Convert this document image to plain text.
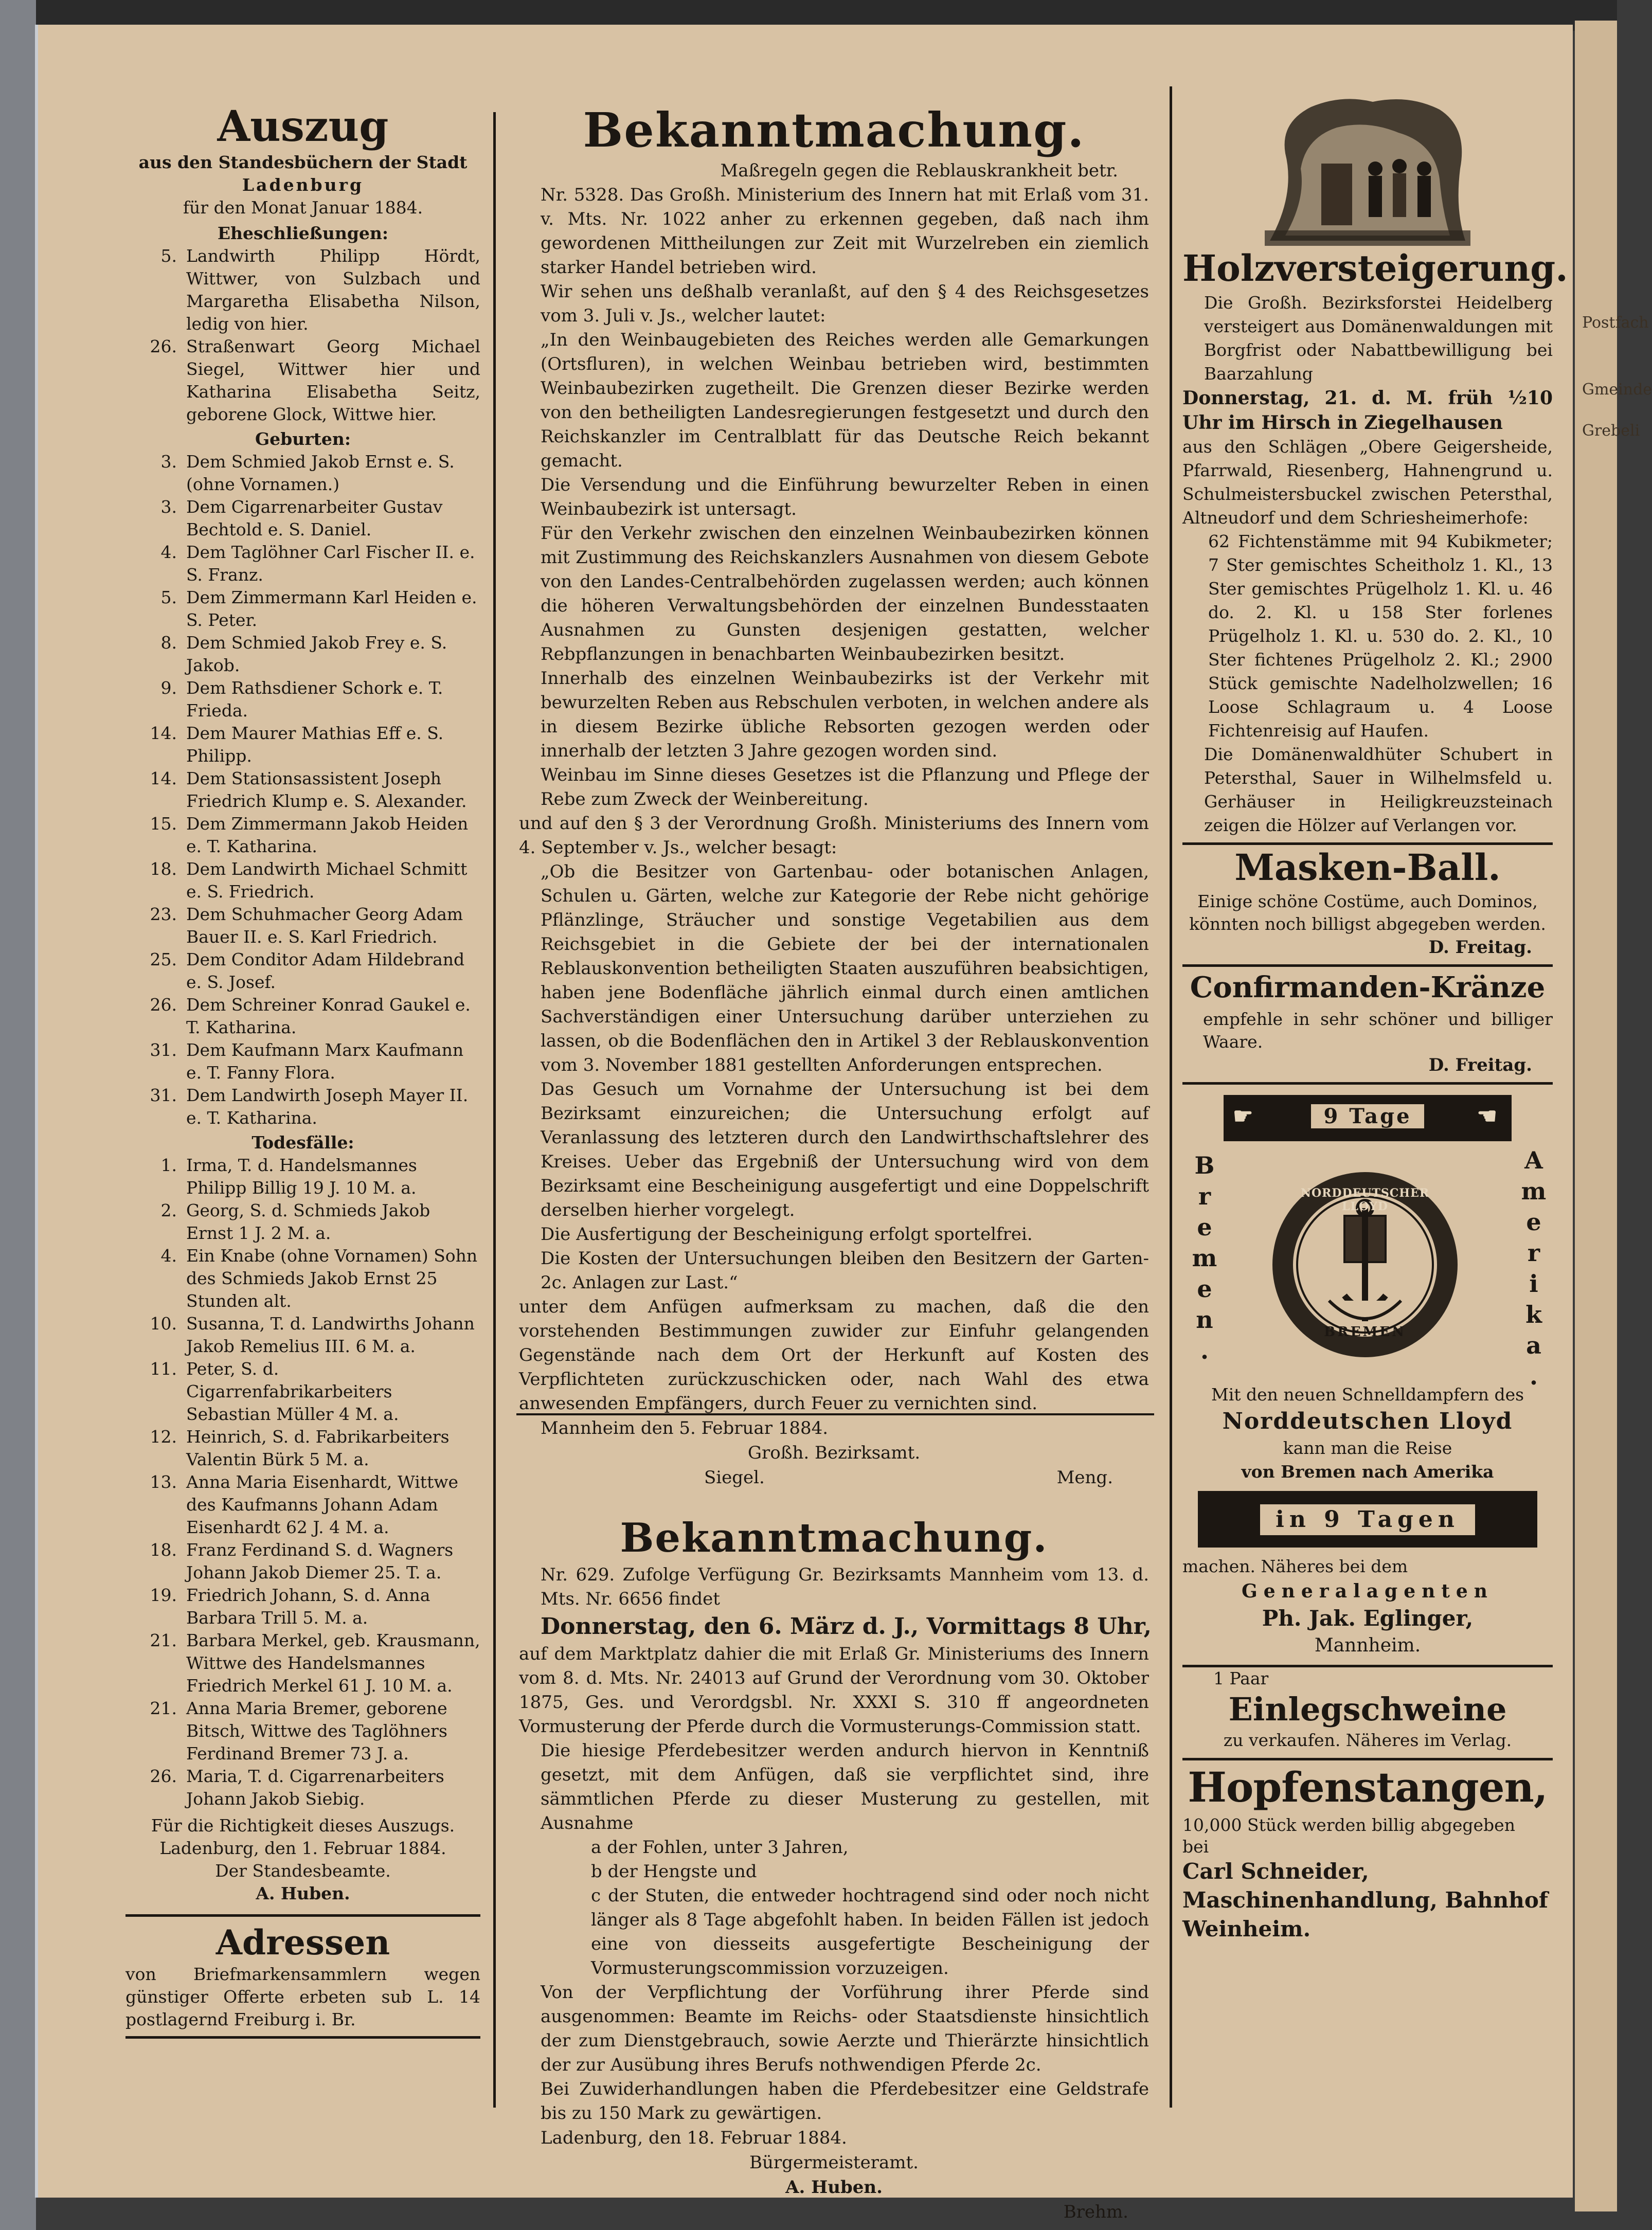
Auszug
aus den Standesbüchern der Stadt
Ladenburg
für den Monat Januar 1884.
Eheschließungen:
5. Landwirth Philipp Hördt, Wittwer, von Sulzbach und Margaretha Elisabetha Nilson, ledig von hier.
26. Straßenwart Georg Michael Siegel, Wittwer hier und Katharina Elisabetha Seitz, geborene Glock, Wittwe hier.
Geburten:
3. Dem Schmied Jakob Ernst e. S. (ohne Vornamen.)
3. Dem Cigarrenarbeiter Gustav Bechtold e. S. Daniel.
4. Dem Taglöhner Carl Fischer II. e. S. Franz.
5. Dem Zimmermann Karl Heiden e. S. Peter.
8. Dem Schmied Jakob Frey e. S. Jakob.
9. Dem Rathsdiener Schork e. T. Frieda.
14. Dem Maurer Mathias Eff e. S. Philipp.
14. Dem Stationsassistent Joseph Friedrich Klump e. S. Alexander.
15. Dem Zimmermann Jakob Heiden e. T. Katharina.
18. Dem Landwirth Michael Schmitt e. S. Friedrich.
23. Dem Schuhmacher Georg Adam Bauer II. e. S. Karl Friedrich.
25. Dem Conditor Adam Hildebrand e. S. Josef.
26. Dem Schreiner Konrad Gaukel e. T. Katharina.
31. Dem Kaufmann Marx Kaufmann e. T. Fanny Flora.
31. Dem Landwirth Joseph Mayer II. e. T. Katharina.
Todesfälle:
1. Irma, T. d. Handelsmannes Philipp Billig 19 J. 10 M. a.
2. Georg, S. d. Schmieds Jakob Ernst 1 J. 2 M. a.
4. Ein Knabe (ohne Vornamen) Sohn des Schmieds Jakob Ernst 25 Stunden alt.
10. Susanna, T. d. Landwirths Johann Jakob Remelius III. 6 M. a.
11. Peter, S. d. Cigarrenfabrikarbeiters Sebastian Müller 4 M. a.
12. Heinrich, S. d. Fabrikarbeiters Valentin Bürk 5 M. a.
13. Anna Maria Eisenhardt, Wittwe des Kaufmanns Johann Adam Eisenhardt 62 J. 4 M. a.
18. Franz Ferdinand S. d. Wagners Johann Jakob Diemer 25. T. a.
19. Friedrich Johann, S. d. Anna Barbara Trill 5. M. a.
21. Barbara Merkel, geb. Krausmann, Wittwe des Handelsmannes Friedrich Merkel 61 J. 10 M. a.
21. Anna Maria Bremer, geborene Bitsch, Wittwe des Taglöhners Ferdinand Bremer 73 J. a.
26. Maria, T. d. Cigarrenarbeiters Johann Jakob Siebig.
Für die Richtigkeit dieses Auszugs.
Ladenburg, den 1. Februar 1884.
Der Standesbeamte.
A. Huben.
Adressen
von Briefmarkensammlern wegen günstiger Offerte erbeten sub L. 14 postlagernd Freiburg i. Br.
Bekanntmachung.
Maßregeln gegen die Reblauskrankheit betr.
Nr. 5328. Das Großh. Ministerium des Innern hat mit Erlaß vom 31. v. Mts. Nr. 1022 anher zu erkennen gegeben, daß nach ihm gewordenen Mittheilungen zur Zeit mit Wurzelreben ein ziemlich starker Handel betrieben wird.
Wir sehen uns deßhalb veranlaßt, auf den § 4 des Reichsgesetzes vom 3. Juli v. Js., welcher lautet:
„In den Weinbaugebieten des Reiches werden alle Gemarkungen (Ortsfluren), in welchen Weinbau betrieben wird, bestimmten Weinbaubezirken zugetheilt. Die Grenzen dieser Bezirke werden von den betheiligten Landesregierungen festgesetzt und durch den Reichskanzler im Centralblatt für das Deutsche Reich bekannt gemacht.
Die Versendung und die Einführung bewurzelter Reben in einen Weinbaubezirk ist untersagt.
Für den Verkehr zwischen den einzelnen Weinbaubezirken können mit Zustimmung des Reichskanzlers Ausnahmen von diesem Gebote von den Landes-Centralbehörden zugelassen werden; auch können die höheren Verwaltungsbehörden der einzelnen Bundesstaaten Ausnahmen zu Gunsten desjenigen gestatten, welcher Rebpflanzungen in benachbarten Weinbaubezirken besitzt.
Innerhalb des einzelnen Weinbaubezirks ist der Verkehr mit bewurzelten Reben aus Rebschulen verboten, in welchen andere als in diesem Bezirke übliche Rebsorten gezogen werden oder innerhalb der letzten 3 Jahre gezogen worden sind.
Weinbau im Sinne dieses Gesetzes ist die Pflanzung und Pflege der Rebe zum Zweck der Weinbereitung.
und auf den § 3 der Verordnung Großh. Ministeriums des Innern vom 4. September v. Js., welcher besagt:
„Ob die Besitzer von Gartenbau- oder botanischen Anlagen, Schulen u. Gärten, welche zur Kategorie der Rebe nicht gehörige Pflänzlinge, Sträucher und sonstige Vegetabilien aus dem Reichsgebiet in die Gebiete der bei der internationalen Reblauskonvention betheiligten Staaten auszuführen beabsichtigen, haben jene Bodenfläche jährlich einmal durch einen amtlichen Sachverständigen einer Untersuchung darüber unterziehen zu lassen, ob die Bodenflächen den in Artikel 3 der Reblauskonvention vom 3. November 1881 gestellten Anforderungen entsprechen.
Das Gesuch um Vornahme der Untersuchung ist bei dem Bezirksamt einzureichen; die Untersuchung erfolgt auf Veranlassung des letzteren durch den Landwirthschaftslehrer des Kreises. Ueber das Ergebniß der Untersuchung wird von dem Bezirksamt eine Bescheinigung ausgefertigt und eine Doppelschrift derselben hierher vorgelegt.
Die Ausfertigung der Bescheinigung erfolgt sportelfrei.
Die Kosten der Untersuchungen bleiben den Besitzern der Garten- 2c. Anlagen zur Last.“
unter dem Anfügen aufmerksam zu machen, daß die den vorstehenden Bestimmungen zuwider zur Einfuhr gelangenden Gegenstände nach dem Ort der Herkunft auf Kosten des Verpflichteten zurückzuschicken oder, nach Wahl des etwa anwesenden Empfängers, durch Feuer zu vernichten sind.
Mannheim den 5. Februar 1884.
Großh. Bezirksamt.
Siegel.	Meng.
Bekanntmachung.
Nr. 629. Zufolge Verfügung Gr. Bezirksamts Mannheim vom 13. d. Mts. Nr. 6656 findet
Donnerstag, den 6. März d. J., Vormittags 8 Uhr,
auf dem Marktplatz dahier die mit Erlaß Gr. Ministeriums des Innern vom 8. d. Mts. Nr. 24013 auf Grund der Verordnung vom 30. Oktober 1875, Ges. und Verordgsbl. Nr. XXXI S. 310 ff angeordneten Vormusterung der Pferde durch die Vormusterungs-Commission statt.
Die hiesige Pferdebesitzer werden andurch hiervon in Kenntniß gesetzt, mit dem Anfügen, daß sie verpflichtet sind, ihre sämmtlichen Pferde zu dieser Musterung zu gestellen, mit Ausnahme
a der Fohlen, unter 3 Jahren,
b der Hengste und
c der Stuten, die entweder hochtragend sind oder noch nicht länger als 8 Tage abgefohlt haben. In beiden Fällen ist jedoch eine von diesseits ausgefertigte Bescheinigung der Vormusterungscommission vorzuzeigen.
Von der Verpflichtung der Vorführung ihrer Pferde sind ausgenommen: Beamte im Reichs- oder Staatsdienste hinsichtlich der zum Dienstgebrauch, sowie Aerzte und Thierärzte hinsichtlich der zur Ausübung ihres Berufs nothwendigen Pferde 2c.
Bei Zuwiderhandlungen haben die Pferdebesitzer eine Geldstrafe bis zu 150 Mark zu gewärtigen.
Ladenburg, den 18. Februar 1884.
Bürgermeisteramt.
A. Huben.
Brehm.
Holzversteigerung.
Die Großh. Bezirksforstei Heidelberg versteigert aus Domänenwaldungen mit Borgfrist oder Nabattbewilligung bei Baarzahlung
Donnerstag, 21. d. M. früh ½10 Uhr im Hirsch in Ziegelhausen
aus den Schlägen „Obere Geigersheide, Pfarrwald, Riesenberg, Hahnengrund u. Schulmeistersbuckel zwischen Petersthal, Altneudorf und dem Schriesheimerhofe:
62 Fichtenstämme mit 94 Kubikmeter; 7 Ster gemischtes Scheitholz 1. Kl., 13 Ster gemischtes Prügelholz 1. Kl. u. 46 do. 2. Kl. u 158 Ster forlenes Prügelholz 1. Kl. u. 530 do. 2. Kl., 10 Ster fichtenes Prügelholz 2. Kl.; 2900 Stück gemischte Nadelholzwellen; 16 Loose Schlagraum u. 4 Loose Fichtenreisig auf Haufen.
Die Domänenwaldhüter Schubert in Petersthal, Sauer in Wilhelmsfeld u. Gerhäuser in Heiligkreuzsteinach zeigen die Hölzer auf Verlangen vor.
Masken-Ball.
Einige schöne Costüme, auch Dominos, könnten noch billigst abgegeben werden.
D. Freitag.
Confirmanden-Kränze
empfehle in sehr schöner und billiger Waare.
D. Freitag.
☛	9 Tage	☚
Bremen.	Amerika.
NORDDEUTSCHER LLOYD
BREMEN
Mit den neuen Schnelldampfern des
Norddeutschen Lloyd
kann man die Reise
von Bremen nach Amerika
in 9 Tagen
machen. Näheres bei dem
Generalagenten
Ph. Jak. Eglinger,
Mannheim.
1 Paar
Einlegschweine
zu verkaufen. Näheres im Verlag.
Hopfenstangen,
10,000 Stück werden billig abgegeben
bei
Carl Schneider, Maschinenhandlung, Bahnhof Weinheim.
Postfach
Gmeinde
Grebeli
